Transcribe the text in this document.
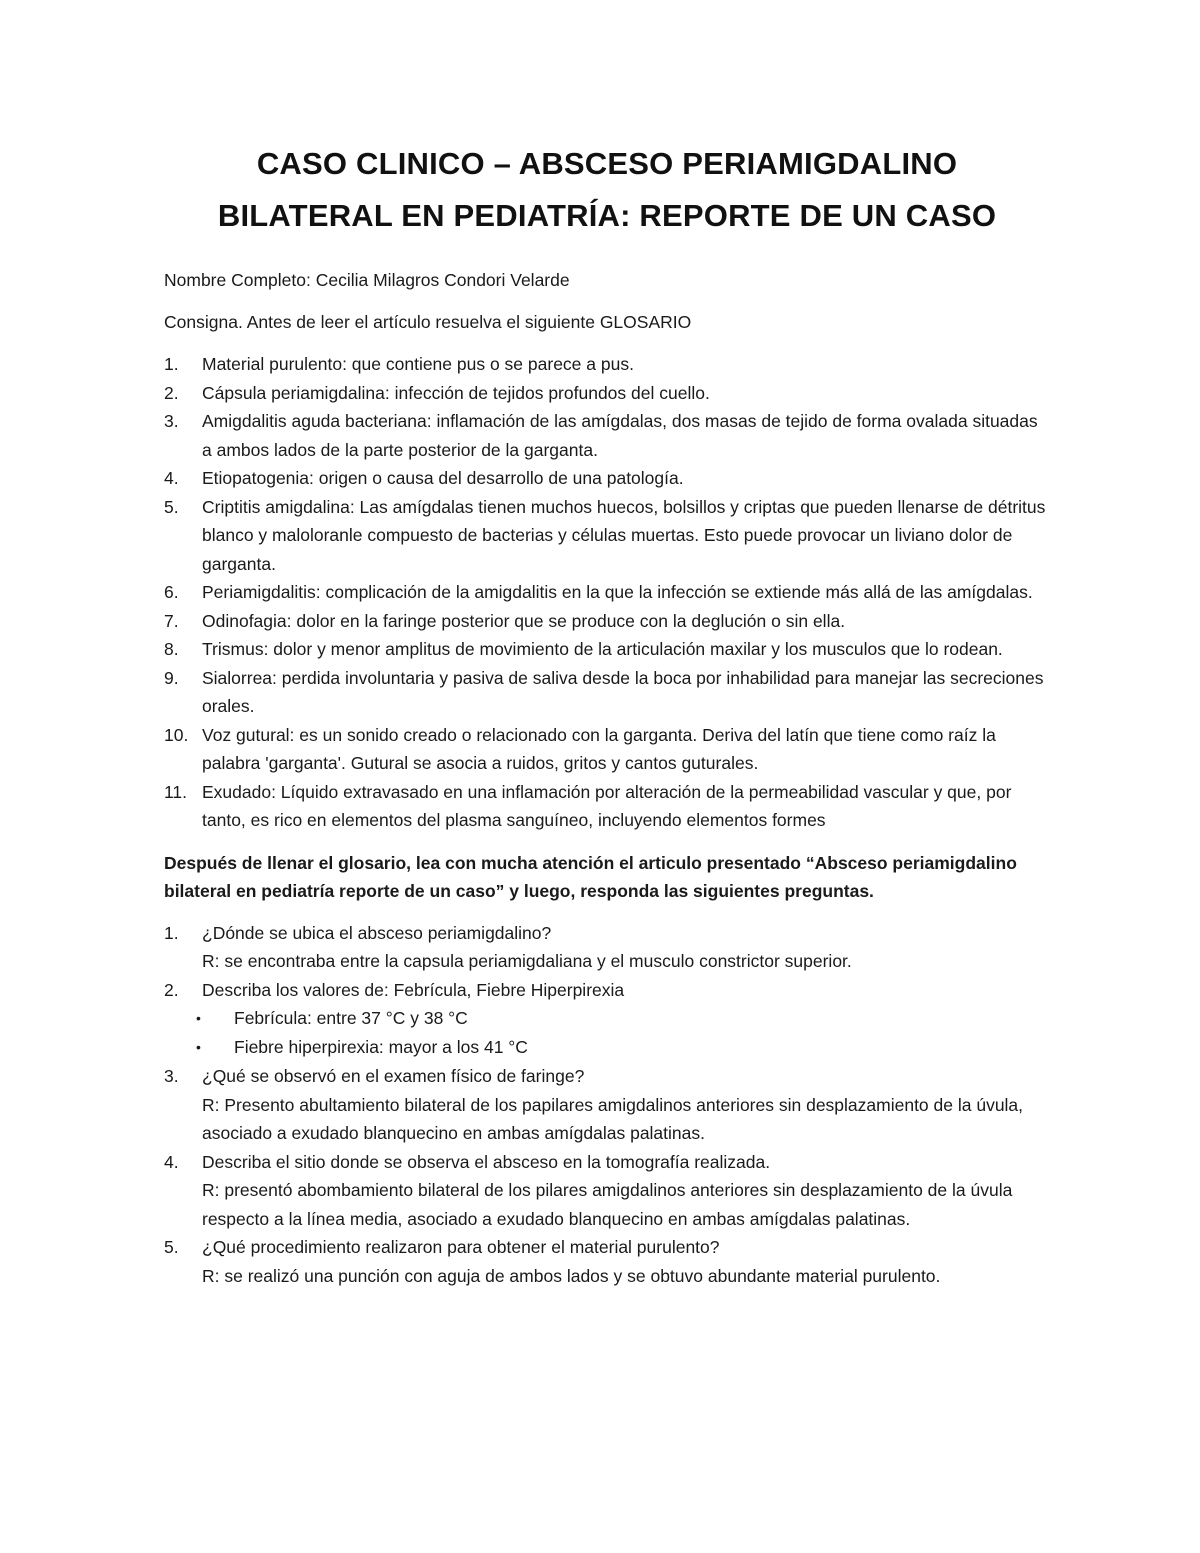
CASO CLINICO – ABSCESO PERIAMIGDALINO
BILATERAL EN PEDIATRÍA: REPORTE DE UN CASO

Nombre Completo: Cecilia Milagros Condori Velarde

Consigna. Antes de leer el artículo resuelva el siguiente GLOSARIO

1.	Material purulento: que contiene pus o se parece a pus.
2.	Cápsula periamigdalina: infección de tejidos profundos del cuello.
3.	Amigdalitis aguda bacteriana: inflamación de las amígdalas, dos masas de tejido de forma ovalada situadas a ambos lados de la parte posterior de la garganta.
4.	Etiopatogenia: origen o causa del desarrollo de una patología.
5.	Criptitis amigdalina: Las amígdalas tienen muchos huecos, bolsillos y criptas que pueden llenarse de détritus blanco y maloloranle compuesto de bacterias y células muertas. Esto puede provocar un liviano dolor de garganta.
6.	Periamigdalitis: complicación de la amigdalitis en la que la infección se extiende más allá de las amígdalas.
7.	Odinofagia: dolor en la faringe posterior que se produce con la deglución o sin ella.
8.	Trismus: dolor y menor amplitus de movimiento de la articulación maxilar y los musculos que lo rodean.
9.	Sialorrea: perdida involuntaria y pasiva de saliva desde la boca por inhabilidad para manejar las secreciones orales.
10. Voz gutural: es un sonido creado o relacionado con la garganta. Deriva del latín que tiene como raíz la palabra 'garganta'. Gutural se asocia a ruidos, gritos y cantos guturales.
11. Exudado: Líquido extravasado en una inflamación por alteración de la permeabilidad vascular y que, por tanto, es rico en elementos del plasma sanguíneo, incluyendo elementos formes

Después de llenar el glosario, lea con mucha atención el articulo presentado “Absceso periamigdalino bilateral en pediatría reporte de un caso” y luego, responda las siguientes preguntas.

1.	¿Dónde se ubica el absceso periamigdalino?
R: se encontraba entre la capsula periamigdaliana y el musculo constrictor superior.
2.	Describa los valores de: Febrícula, Fiebre Hiperpirexia
• Febrícula: entre 37 °C y 38 °C
• Fiebre hiperpirexia: mayor a los 41 °C
3.	¿Qué se observó en el examen físico de faringe?
R: Presento abultamiento bilateral de los papilares amigdalinos anteriores sin desplazamiento de la úvula, asociado a exudado blanquecino en ambas amígdalas palatinas.
4.	Describa el sitio donde se observa el absceso en la tomografía realizada.
R: presentó abombamiento bilateral de los pilares amigdalinos anteriores sin desplazamiento de la úvula respecto a la línea media, asociado a exudado blanquecino en ambas amígdalas palatinas.
5.	¿Qué procedimiento realizaron para obtener el material purulento?
R: se realizó una punción con aguja de ambos lados y se obtuvo abundante material purulento.
